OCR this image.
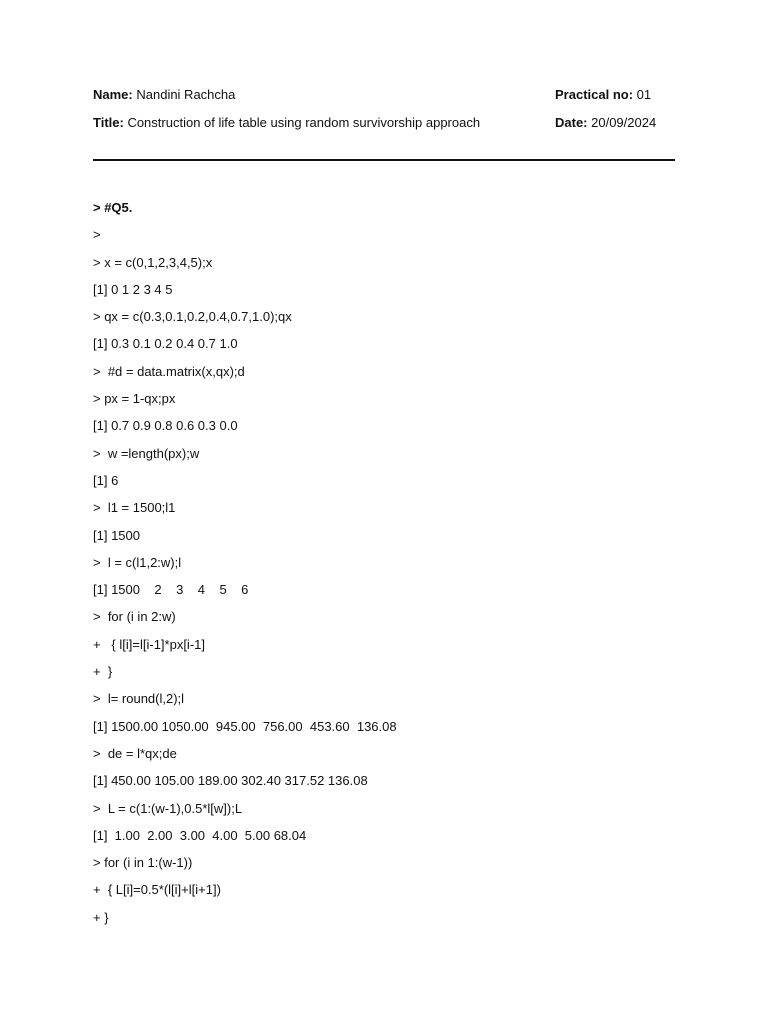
Name: Nandini Rachcha	Practical no: 01
Title: Construction of life table using random survivorship approach	Date: 20/09/2024
> #Q5.
>
> x = c(0,1,2,3,4,5);x
[1] 0 1 2 3 4 5
> qx = c(0.3,0.1,0.2,0.4,0.7,1.0);qx
[1] 0.3 0.1 0.2 0.4 0.7 1.0
>  #d = data.matrix(x,qx);d
> px = 1-qx;px
[1] 0.7 0.9 0.8 0.6 0.3 0.0
>  w =length(px);w
[1] 6
>  l1 = 1500;l1
[1] 1500
>  l = c(l1,2:w);l
[1] 1500    2    3    4    5    6
>  for (i in 2:w)
+   { l[i]=l[i-1]*px[i-1]
+  }
>  l= round(l,2);l
[1] 1500.00 1050.00  945.00  756.00  453.60  136.08
>  de = l*qx;de
[1] 450.00 105.00 189.00 302.40 317.52 136.08
>  L = c(1:(w-1),0.5*l[w]);L
[1]  1.00  2.00  3.00  4.00  5.00 68.04
> for (i in 1:(w-1))
+  { L[i]=0.5*(l[i]+l[i+1])
+ }
